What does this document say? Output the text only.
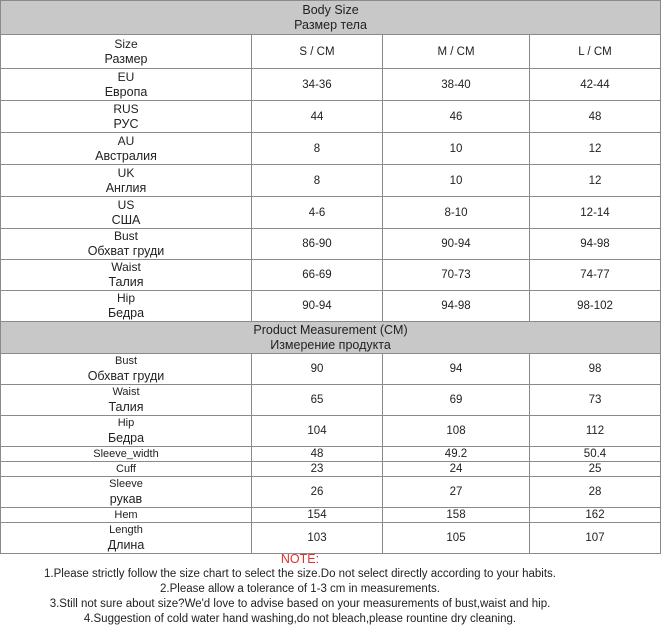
Body Size
Размер тела			

Size
Размер	S / CM	M / CM	L / CM

EU
Европа	34-36	38-40	42-44

RUS
РУС	44	46	48

AU
Австралия	8	10	12

UK
Англия	8	10	12

US
США	4-6	8-10	12-14

Bust
Обхват груди	86-90	90-94	94-98

Waist
Талия	66-69	70-73	74-77

Hip
Бедра	90-94	94-98	98-102

Product Measurement (CM)
Измерение продукта			

Bust
Обхват груди	90	94	98

Waist
Талия	65	69	73

Hip
Бедра	104	108	112

Sleeve_width	48	49.2	50.4

Cuff	23	24	25

Sleeve
рукав	26	27	28

Hem	154	158	162

Length
Длина	103	105	107
NOTE:
1.Please strictly follow the size chart to select the size.Do not select directly according to your habits.
2.Please allow a tolerance of 1-3 cm in measurements.
3.Still not sure about size?We'd love to advise based on your measurements of bust,waist and hip.
4.Suggestion of cold water hand washing,do not bleach,please rountine dry cleaning.
